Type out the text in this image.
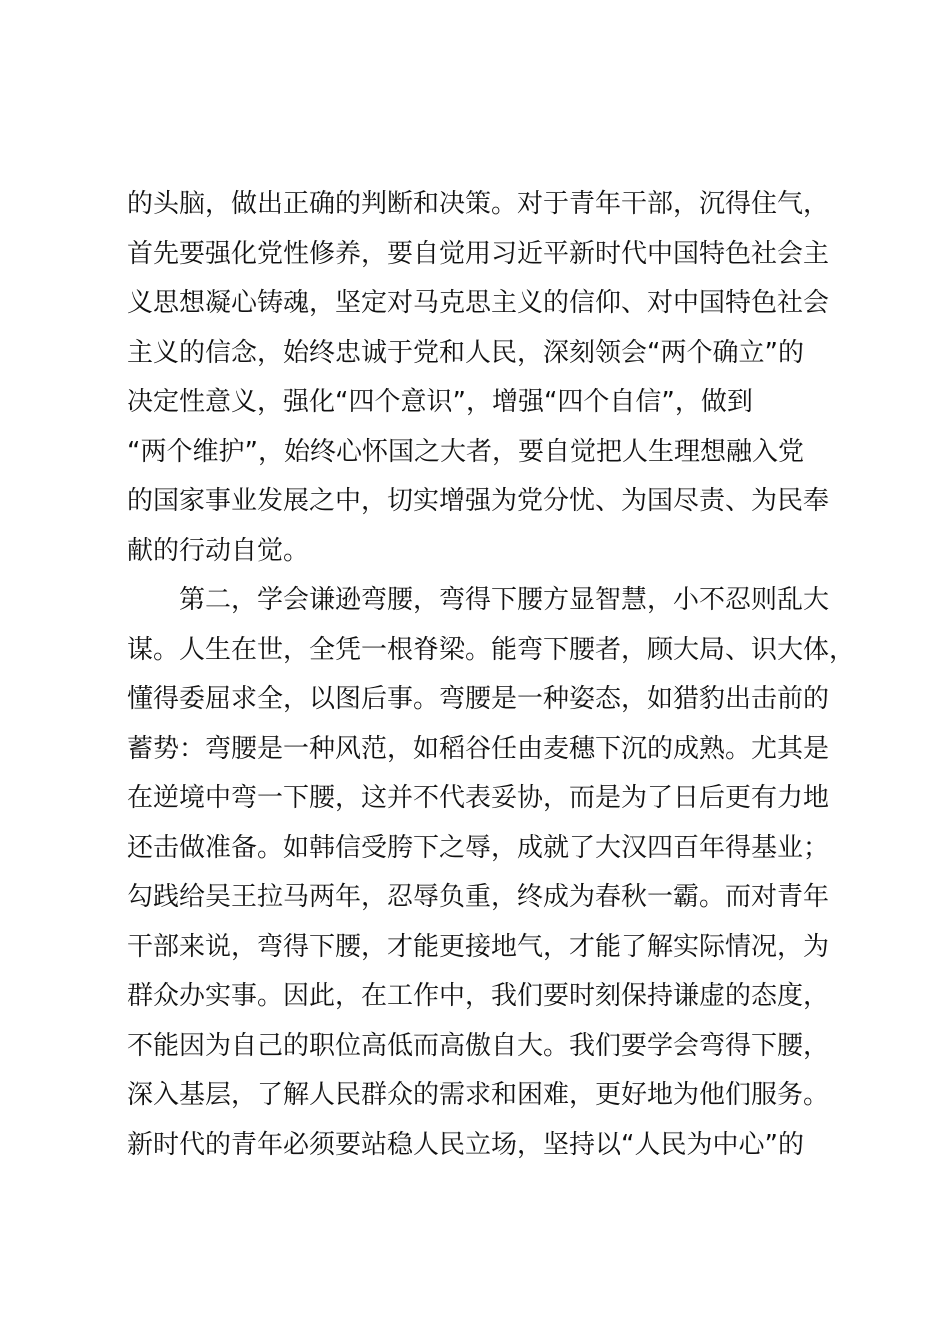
的头脑，做出正确的判断和决策。对于青年干部，沉得住气，
首先要强化党性修养，要自觉用习近平新时代中国特色社会主
义思想凝心铸魂，坚定对马克思主义的信仰、对中国特色社会
主义的信念，始终忠诚于党和人民，深刻领会“两个确立”的
决定性意义，强化“四个意识”，增强“四个自信”，做到
“两个维护”，始终心怀国之大者，要自觉把人生理想融入党
的国家事业发展之中，切实增强为党分忧、为国尽责、为民奉
献的行动自觉。
第二，学会谦逊弯腰，弯得下腰方显智慧，小不忍则乱大
谋。人生在世，全凭一根脊梁。能弯下腰者，顾大局、识大体，
懂得委屈求全，以图后事。弯腰是一种姿态，如猎豹出击前的
蓄势：弯腰是一种风范，如稻谷任由麦穗下沉的成熟。尤其是
在逆境中弯一下腰，这并不代表妥协，而是为了日后更有力地
还击做准备。如韩信受胯下之辱，成就了大汉四百年得基业；
勾践给吴王拉马两年，忍辱负重，终成为春秋一霸。而对青年
干部来说，弯得下腰，才能更接地气，才能了解实际情况，为
群众办实事。因此，在工作中，我们要时刻保持谦虚的态度，
不能因为自己的职位高低而高傲自大。我们要学会弯得下腰，
深入基层，了解人民群众的需求和困难，更好地为他们服务。
新时代的青年必须要站稳人民立场，坚持以“人民为中心”的
